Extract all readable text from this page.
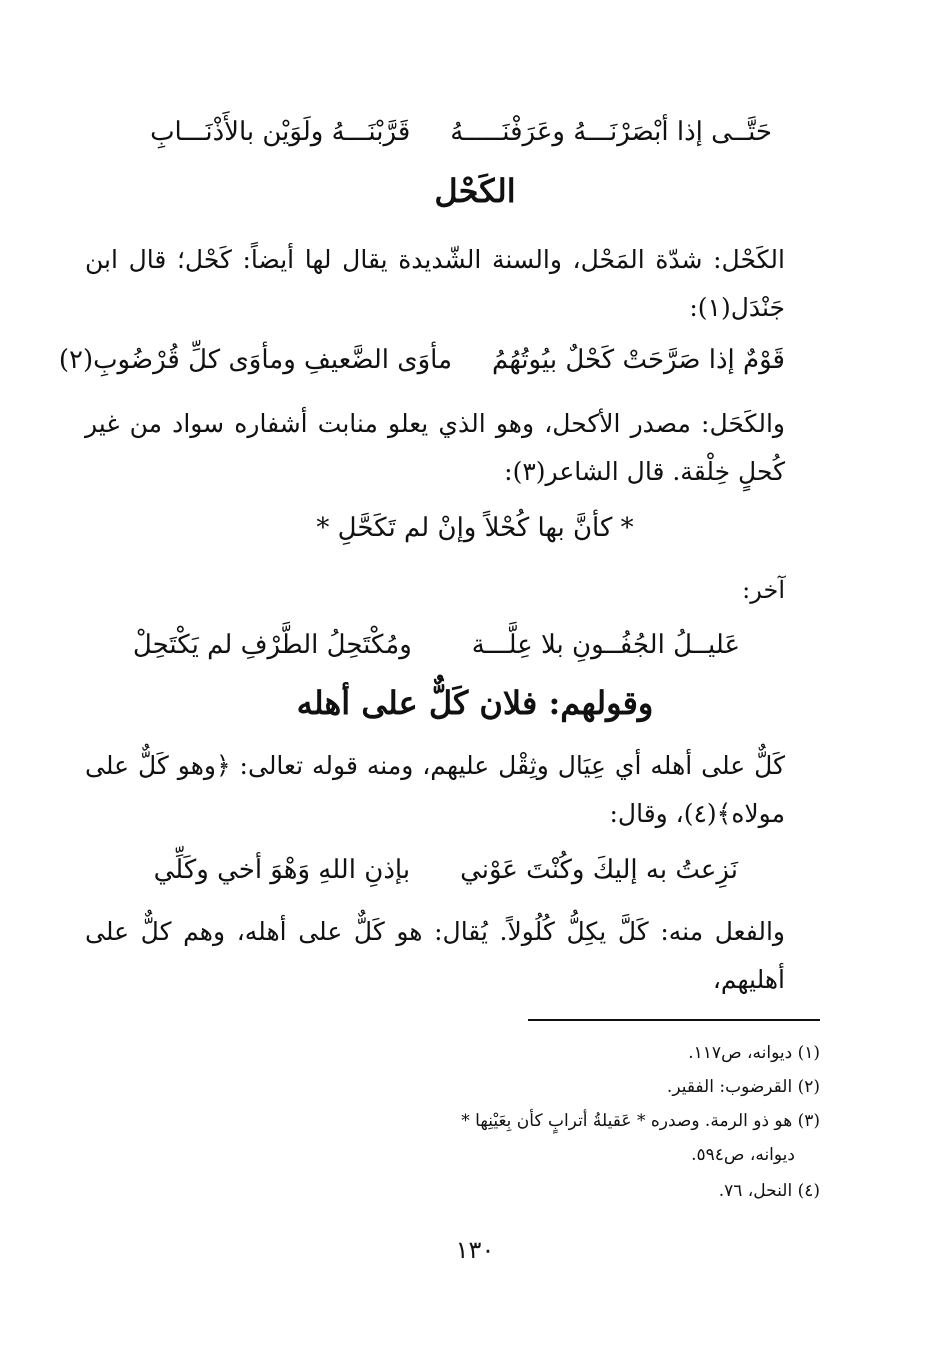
حَتَّــى إذا أبْصَرْنَـــهُ وعَرَفْنَـــــهُ
قَرَّبْنَـــهُ ولَوَيْن بالأَذْنَـــابِ
الكَحْل
الكَحْل: شدّة المَحْل، والسنة الشّديدة يقال لها أيضاً: كَحْل؛ قال ابن جَنْدَل(١):
قَوْمٌ إذا صَرَّحَتْ كَحْلٌ بيُوتُهُمُ
مأوَى الضَّعيفِ ومأوَى كلِّ قُرْضُوبِ(٢)
والكَحَل: مصدر الأكحل، وهو الذي يعلو منابت أشفاره سواد من غير كُحلٍ خِلْقة. قال الشاعر(٣):
* كأنَّ بها كُحْلاً وإنْ لم تَكَحَّلِ *
آخر:
عَليــلُ الجُفُــونِ بلا عِلَّـــة
ومُكْتَحِلُ الطَّرْفِ لم يَكْتَحِلْ
وقولهم: فلان كَلٌّ على أهله
كَلٌّ على أهله أي عِيَال وثِقْل عليهم، ومنه قوله تعالى: ﴿وهو كَلٌّ على مولاه﴾(٤)، وقال:
نَزِعتُ به إليكَ وكُنْتَ عَوْني
بإذنِ اللهِ وَهْوَ أخي وكَلِّي
والفعل منه: كَلَّ يكِلُّ كُلُولاً. يُقال: هو كَلٌّ على أهله، وهم كلٌّ على أهليهم،
(١) ديوانه، ص١١٧.
(٢) القرضوب: الفقير.
(٣) هو ذو الرمة. وصدره * عَقيلةُ أترابٍ كأن بِعَيْنِها *
ديوانه، ص٥٩٤.
(٤) النحل، ٧٦.
١٣٠
